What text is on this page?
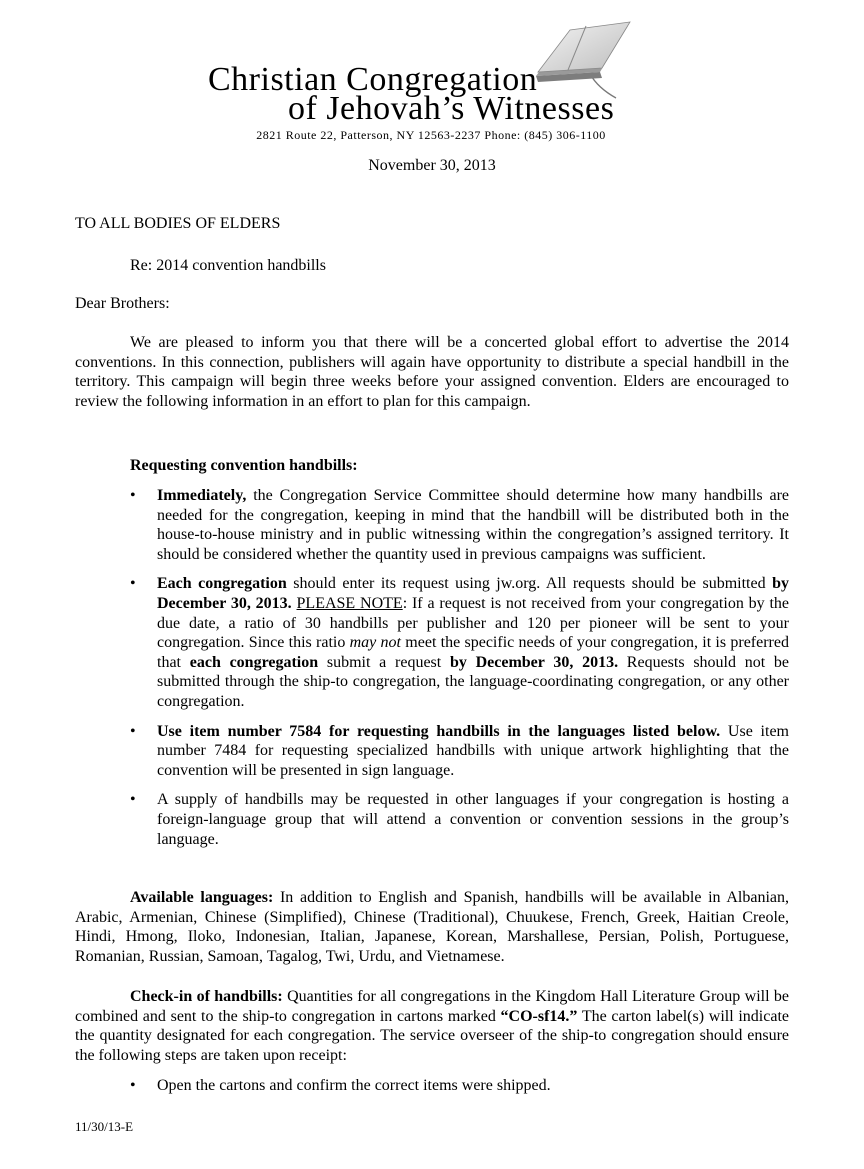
Christian Congregation
of Jehovah’s Witnesses
2821 Route 22, Patterson, NY 12563-2237 Phone: (845) 306-1100
November 30, 2013
TO ALL BODIES OF ELDERS
Re: 2014 convention handbills
Dear Brothers:

We are pleased to inform you that there will be a concerted global effort to advertise the 2014 conventions. In this connection, publishers will again have opportunity to distribute a special handbill in the territory. This campaign will begin three weeks before your assigned convention. Elders are encouraged to review the following information in an effort to plan for this campaign.

Requesting convention handbills:
• Immediately, the Congregation Service Committee should determine how many handbills are needed for the congregation, keeping in mind that the handbill will be distributed both in the house-to-house ministry and in public witnessing within the congregation’s assigned territory. It should be considered whether the quantity used in previous campaigns was sufficient.
• Each congregation should enter its request using jw.org. All requests should be submitted by December 30, 2013. PLEASE NOTE: If a request is not received from your congregation by the due date, a ratio of 30 handbills per publisher and 120 per pioneer will be sent to your congregation. Since this ratio may not meet the specific needs of your congregation, it is preferred that each congregation submit a request by December 30, 2013. Requests should not be submitted through the ship-to congregation, the language-coordinating congregation, or any other congregation.
• Use item number 7584 for requesting handbills in the languages listed below. Use item number 7484 for requesting specialized handbills with unique artwork highlighting that the convention will be presented in sign language.
• A supply of handbills may be requested in other languages if your congregation is hosting a foreign-language group that will attend a convention or convention sessions in the group’s language.

Available languages: In addition to English and Spanish, handbills will be available in Albanian, Arabic, Armenian, Chinese (Simplified), Chinese (Traditional), Chuukese, French, Greek, Haitian Creole, Hindi, Hmong, Iloko, Indonesian, Italian, Japanese, Korean, Marshallese, Persian, Polish, Portuguese, Romanian, Russian, Samoan, Tagalog, Twi, Urdu, and Vietnamese.

Check-in of handbills: Quantities for all congregations in the Kingdom Hall Literature Group will be combined and sent to the ship-to congregation in cartons marked “CO-sf14.” The carton label(s) will indicate the quantity designated for each congregation. The service overseer of the ship-to congregation should ensure the following steps are taken upon receipt:

• Open the cartons and confirm the correct items were shipped.
11/30/13-E
